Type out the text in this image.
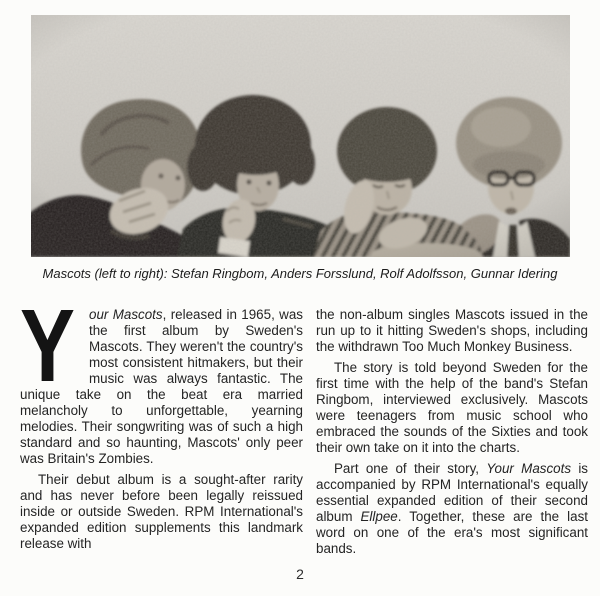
Mascots (left to right): Stefan Ringbom, Anders Forsslund, Rolf Adolfsson, Gunnar Idering

Y our Mascots, released in 1965, was the first album by Sweden's Mascots. They weren't the country's most consistent hitmakers, but their music was always fantastic. The unique take on the beat era married melancholy to unforgettable, yearning melodies. Their songwriting was of such a high standard and so haunting, Mascots' only peer was Britain's Zombies.

Their debut album is a sought-after rarity and has never before been legally reissued inside or outside Sweden. RPM International's expanded edition supplements this landmark release with

the non-album singles Mascots issued in the run up to it hitting Sweden's shops, including the withdrawn Too Much Monkey Business.

The story is told beyond Sweden for the first time with the help of the band's Stefan Ringbom, interviewed exclusively. Mascots were teenagers from music school who embraced the sounds of the Sixties and took their own take on it into the charts.

Part one of their story, Your Mascots is accompanied by RPM International's equally essential expanded edition of their second album Ellpee. Together, these are the last word on one of the era's most significant bands.

2
